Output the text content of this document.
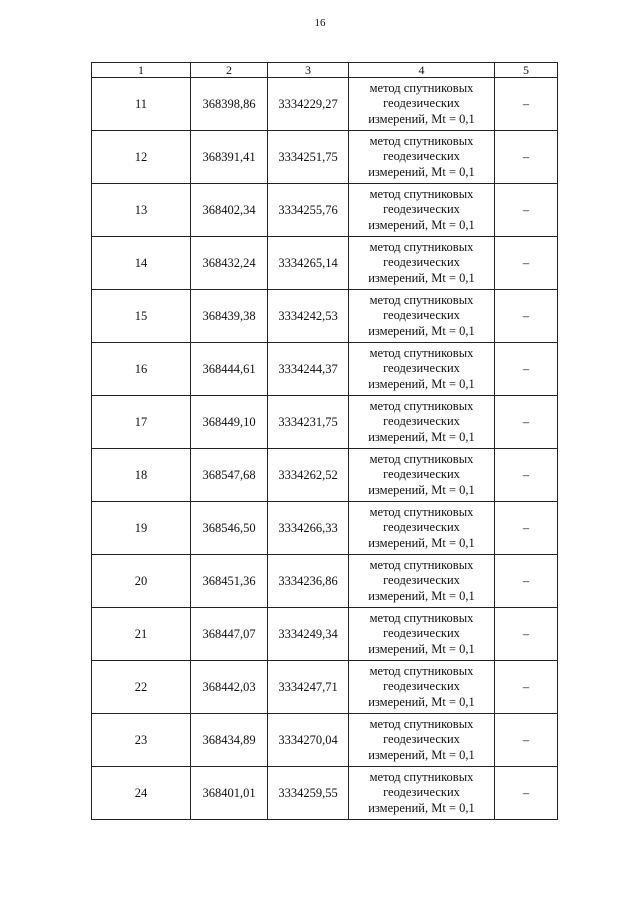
16
1	2	3	4	5
11	368398,86	3334229,27	метод спутниковых
геодезических
измерений, Mt = 0,1	–
12	368391,41	3334251,75	метод спутниковых
геодезических
измерений, Mt = 0,1	–
13	368402,34	3334255,76	метод спутниковых
геодезических
измерений, Mt = 0,1	–
14	368432,24	3334265,14	метод спутниковых
геодезических
измерений, Mt = 0,1	–
15	368439,38	3334242,53	метод спутниковых
геодезических
измерений, Mt = 0,1	–
16	368444,61	3334244,37	метод спутниковых
геодезических
измерений, Mt = 0,1	–
17	368449,10	3334231,75	метод спутниковых
геодезических
измерений, Mt = 0,1	–
18	368547,68	3334262,52	метод спутниковых
геодезических
измерений, Mt = 0,1	–
19	368546,50	3334266,33	метод спутниковых
геодезических
измерений, Mt = 0,1	–
20	368451,36	3334236,86	метод спутниковых
геодезических
измерений, Mt = 0,1	–
21	368447,07	3334249,34	метод спутниковых
геодезических
измерений, Mt = 0,1	–
22	368442,03	3334247,71	метод спутниковых
геодезических
измерений, Mt = 0,1	–
23	368434,89	3334270,04	метод спутниковых
геодезических
измерений, Mt = 0,1	–
24	368401,01	3334259,55	метод спутниковых
геодезических
измерений, Mt = 0,1	–
